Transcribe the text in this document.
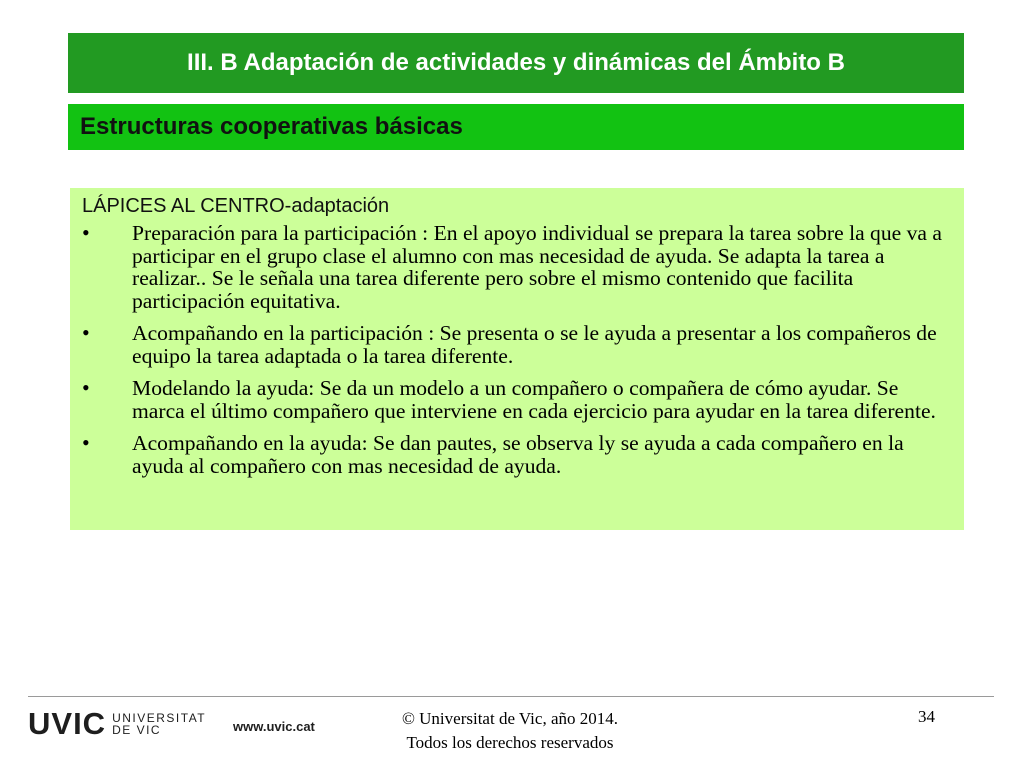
III. B Adaptación de actividades y dinámicas del Ámbito B
Estructuras cooperativas básicas
LÁPICES AL CENTRO-adaptación
• Preparación para la participación : En el apoyo individual se prepara la tarea sobre la que va a participar en el grupo clase el alumno con mas necesidad de ayuda. Se adapta la tarea a realizar.. Se le señala una tarea diferente pero sobre el mismo contenido que facilita participación equitativa.
• Acompañando en la participación : Se presenta o se le ayuda a presentar a los compañeros de equipo la tarea adaptada o la tarea diferente.
• Modelando la ayuda: Se da un modelo a un compañero o compañera de cómo ayudar. Se marca el último compañero que interviene en cada ejercicio para ayudar en la tarea diferente.
• Acompañando en la ayuda: Se dan pautes, se observa ly se ayuda a cada compañero en la ayuda al compañero con mas necesidad de ayuda.
UVIC UNIVERSITAT
DE VIC	www.uvic.cat	© Universitat de Vic, año 2014.
Todos los derechos reservados
34
